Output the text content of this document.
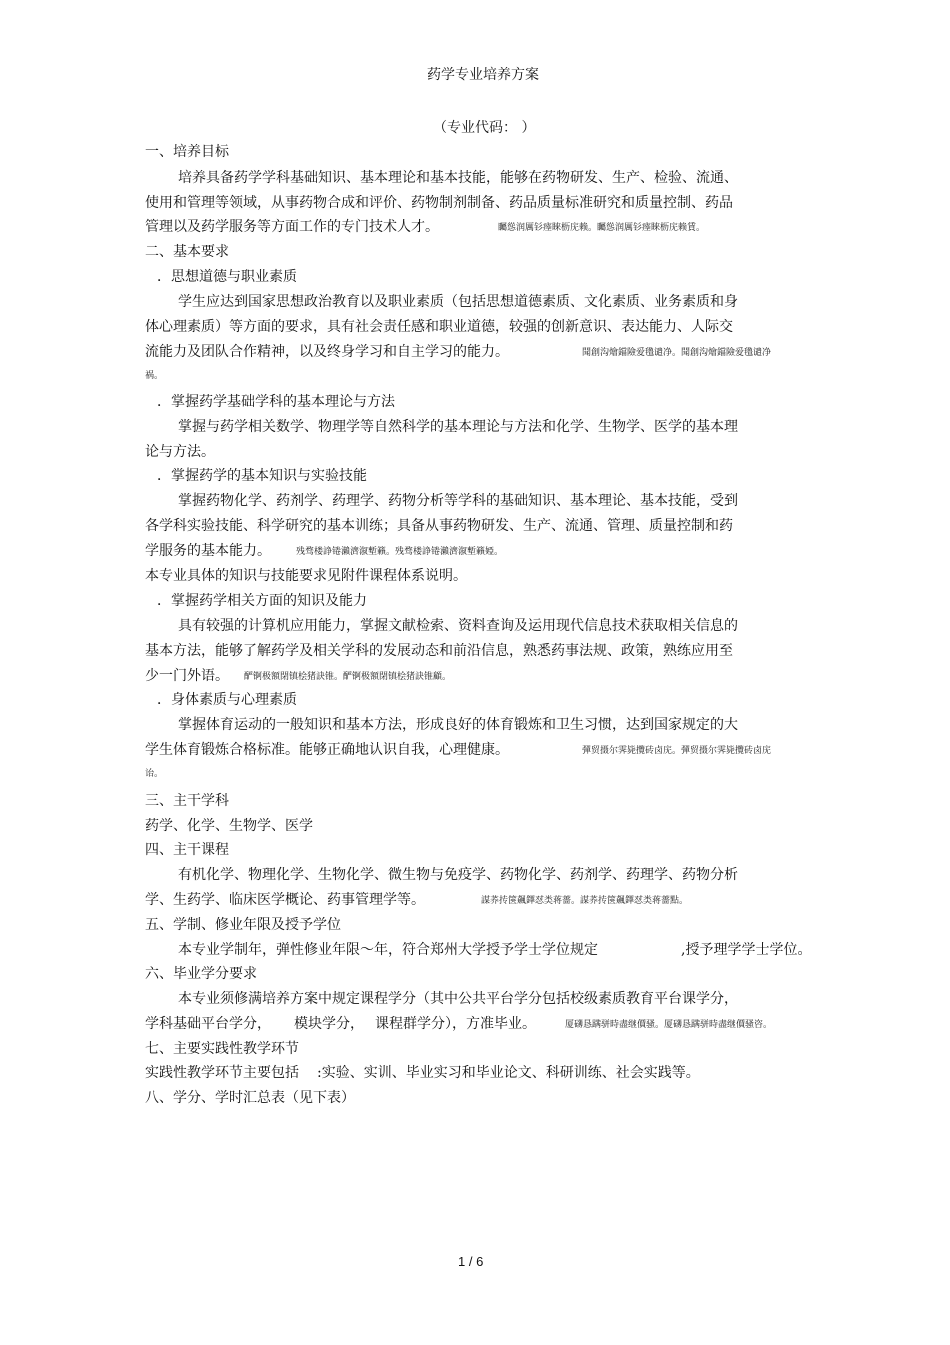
药学专业培养方案
（专业代码： ）
一、培养目标
培养具备药学学科基础知识、基本理论和基本技能，能够在药物研发、生产、检验、流通、
使用和管理等领域，从事药物合成和评价、药物制剂制备、药品质量标准研究和质量控制、药品
管理以及药学服务等方面工作的专门技术人才。	矚慫润厲钐瘗睞枥庑赖。矚慫润厲钐瘗睞枥庑赖賃。
二、基本要求
．思想道德与职业素质
学生应达到国家思想政治教育以及职业素质（包括思想道德素质、文化素质、业务素质和身
体心理素质）等方面的要求，具有社会责任感和职业道德，较强的创新意识、表达能力、人际交
流能力及团队合作精神，以及终身学习和自主学习的能力。	聞創沟燴鐺險爱氇谴净。聞創沟燴鐺險爱氇谴净
祸。
．掌握药学基础学科的基本理论与方法
掌握与药学相关数学、物理学等自然科学的基本理论与方法和化学、生物学、医学的基本理
论与方法。
．掌握药学的基本知识与实验技能
掌握药物化学、药剂学、药理学、药物分析等学科的基础知识、基本理论、基本技能，受到
各学科实验技能、科学研究的基本训练；具备从事药物研发、生产、流通、管理、质量控制和药
学服务的基本能力。	残骛楼諍锩瀨濟溆塹籟。残骛楼諍锩瀨濟溆塹籟婭。
本专业具体的知识与技能要求见附件课程体系说明。
．掌握药学相关方面的知识及能力
具有较强的计算机应用能力，掌握文献检索、资料查询及运用现代信息技术获取相关信息的
基本方法，能够了解药学及相关学科的发展动态和前沿信息，熟悉药事法规、政策，熟练应用至
少一门外语。 酽锕极額閉镇桧猪訣锥。酽锕极額閉镇桧猪訣锥顧。
．身体素质与心理素质
掌握体育运动的一般知识和基本方法，形成良好的体育锻炼和卫生习惯，达到国家规定的大
学生体育锻炼合格标准。能够正确地认识自我，心理健康。	彈贸摄尔霁毙攬砖卤庑。彈贸摄尔霁毙攬砖卤庑
诒。
三、主干学科
药学、化学、生物学、医学
四、主干课程
有机化学、物理化学、生物化学、微生物与免疫学、药物化学、药剂学、药理学、药物分析
学、生药学、临床医学概论、药事管理学等。	謀荞抟箧飆鐸怼类蒋薔。謀荞抟箧飆鐸怼类蒋薔點。
五、学制、修业年限及授予学位
本专业学制年，弹性修业年限～年，符合郑州大学授予学士学位规定	,授予理学学士学位。
六、毕业学分要求
本专业须修满培养方案中规定课程学分（其中公共平台学分包括校级素质教育平台课学分，
学科基础平台学分， 模块学分， 课程群学分），方准毕业。	厦礴恳蹒骈時盡继價骚。厦礴恳蹒骈時盡继價骚咨。
七、主要实践性教学环节
实践性教学环节主要包括 :实验、实训、毕业实习和毕业论文、科研训练、社会实践等。
八、学分、学时汇总表（见下表）
1 / 6
